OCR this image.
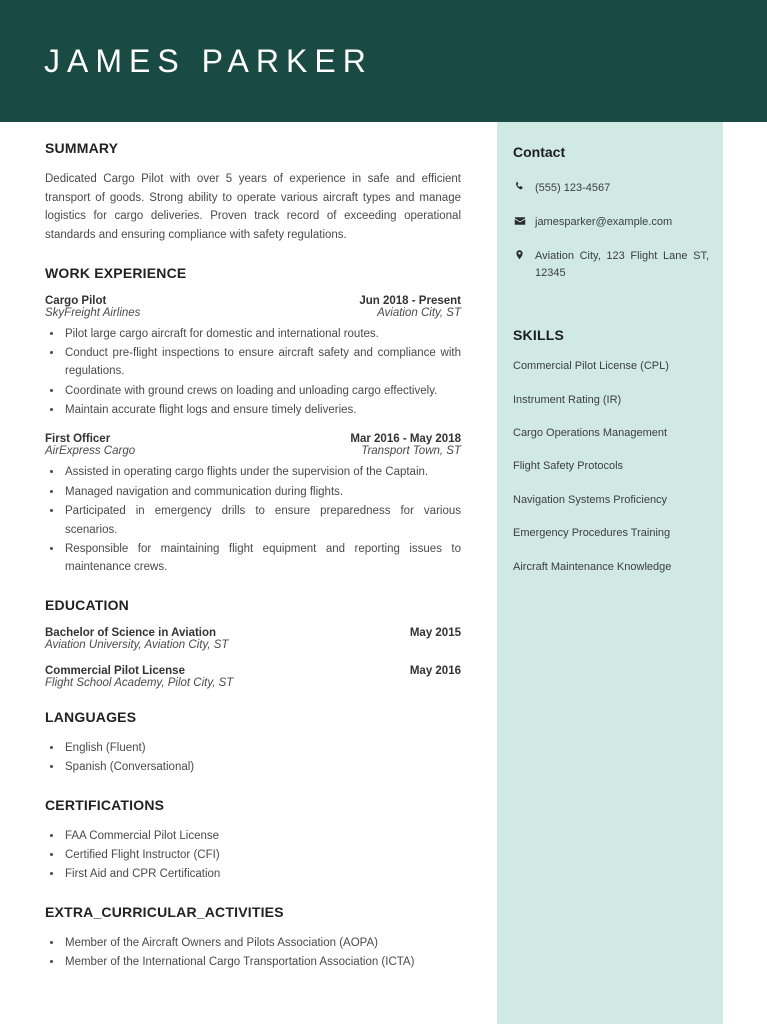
JAMES PARKER
SUMMARY

Dedicated Cargo Pilot with over 5 years of experience in safe and efficient transport of goods. Strong ability to operate various aircraft types and manage logistics for cargo deliveries. Proven track record of exceeding operational standards and ensuring compliance with safety regulations.

WORK EXPERIENCE
Cargo Pilot	Jun 2018 - Present
SkyFreight Airlines	Aviation City, ST
• Pilot large cargo aircraft for domestic and international routes.
• Conduct pre-flight inspections to ensure aircraft safety and compliance with regulations.
• Coordinate with ground crews on loading and unloading cargo effectively.
• Maintain accurate flight logs and ensure timely deliveries.
First Officer	Mar 2016 - May 2018
AirExpress Cargo	Transport Town, ST
• Assisted in operating cargo flights under the supervision of the Captain.
• Managed navigation and communication during flights.
• Participated in emergency drills to ensure preparedness for various scenarios.
• Responsible for maintaining flight equipment and reporting issues to maintenance crews.
EDUCATION
Bachelor of Science in Aviation	May 2015
Aviation University, Aviation City, ST
Commercial Pilot License	May 2016
Flight School Academy, Pilot City, ST
LANGUAGES
• English (Fluent)
• Spanish (Conversational)
CERTIFICATIONS
• FAA Commercial Pilot License
• Certified Flight Instructor (CFI)
• First Aid and CPR Certification
EXTRA_CURRICULAR_ACTIVITIES
• Member of the Aircraft Owners and Pilots Association (AOPA)
• Member of the International Cargo Transportation Association (ICTA)
Contact
(555) 123-4567
jamesparker@example.com
Aviation City, 123 Flight Lane ST, 12345
SKILLS
Commercial Pilot License (CPL)
Instrument Rating (IR)
Cargo Operations Management
Flight Safety Protocols
Navigation Systems Proficiency
Emergency Procedures Training
Aircraft Maintenance Knowledge
